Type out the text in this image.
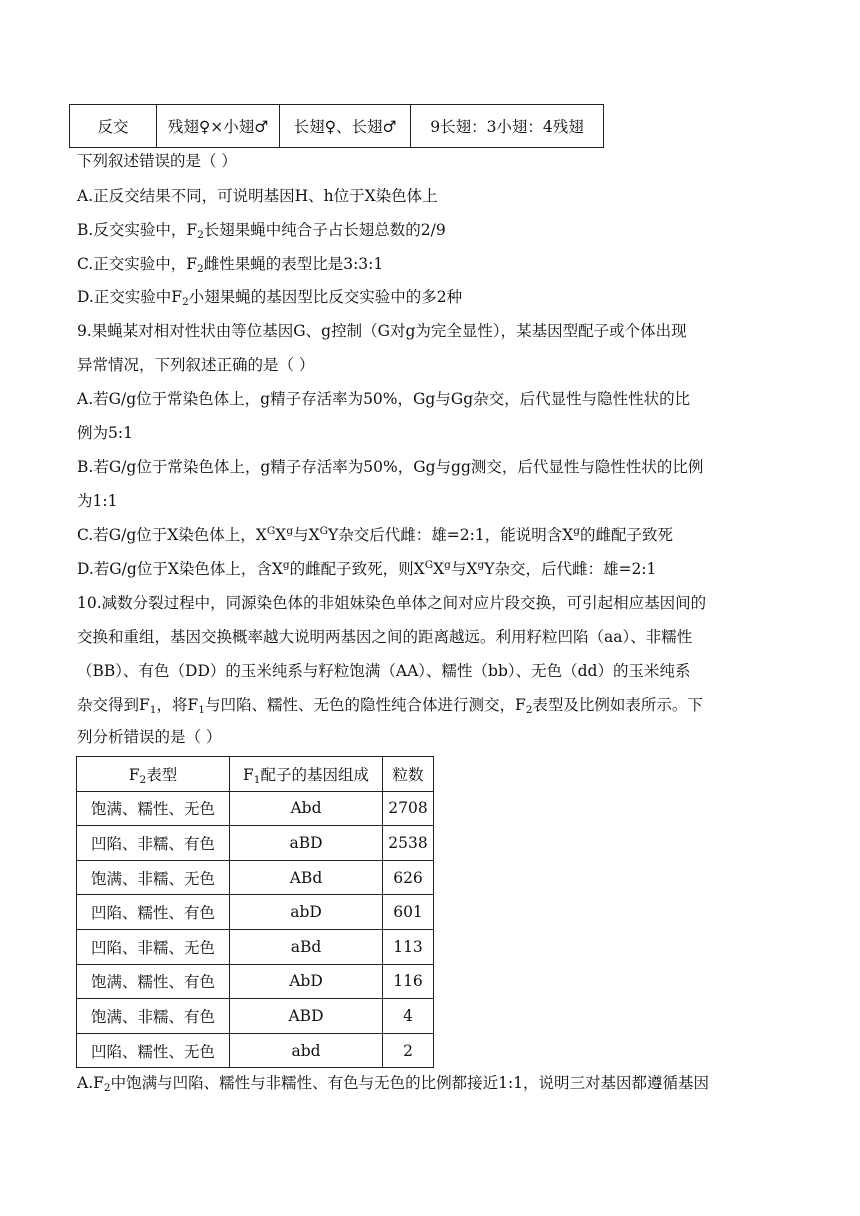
反交	残翅♀×小翅♂	长翅♀、长翅♂	9长翅：3小翅：4残翅
下列叙述错误的是（ ）
A.正反交结果不同，可说明基因H、h位于X染色体上
B.反交实验中，$F_2$长翅果蝇中纯合子占长翅总数的2/9
C.正交实验中，$F_2$雌性果蝇的表型比是3:3:1
D.正交实验中$F_2$小翅果蝇的基因型比反交实验中的多2种
9.果蝇某对相对性状由等位基因G、g控制（G对g为完全显性），某基因型配子或个体出现
异常情况，下列叙述正确的是（ ）
A.若G/g位于常染色体上，g精子存活率为50%，Gg与Gg杂交，后代显性与隐性性状的比
例为5:1
B.若G/g位于常染色体上，g精子存活率为50%，Gg与gg测交，后代显性与隐性性状的比例
为1:1
C.若G/g位于X染色体上，$X^GX^g$与$X^GY$杂交后代雌：雄=2:1，能说明含$X^g$的雌配子致死
D.若G/g位于X染色体上，含$X^g$的雌配子致死，则$X^GX^g$与$X^gY$杂交，后代雌：雄=2:1
10.减数分裂过程中，同源染色体的非姐妹染色单体之间对应片段交换，可引起相应基因间的
交换和重组，基因交换概率越大说明两基因之间的距离越远。利用籽粒凹陷（aa）、非糯性
（BB）、有色（DD）的玉米纯系与籽粒饱满（AA）、糯性（bb）、无色（dd）的玉米纯系
杂交得到$F_1$，将$F_1$与凹陷、糯性、无色的隐性纯合体进行测交，$F_2$表型及比例如表所示。下
列分析错误的是（ ）
$F_2$表型	$F_1$配子的基因组成	粒数
饱满、糯性、无色	Abd	2708
凹陷、非糯、有色	aBD	2538
饱满、非糯、无色	ABd	626
凹陷、糯性、有色	abD	601
凹陷、非糯、无色	aBd	113
饱满、糯性、有色	AbD	116
饱满、非糯、有色	ABD	4
凹陷、糯性、无色	abd	2
$A.F_2$中饱满与凹陷、糯性与非糯性、有色与无色的比例都接近1:1，说明三对基因都遵循基因
